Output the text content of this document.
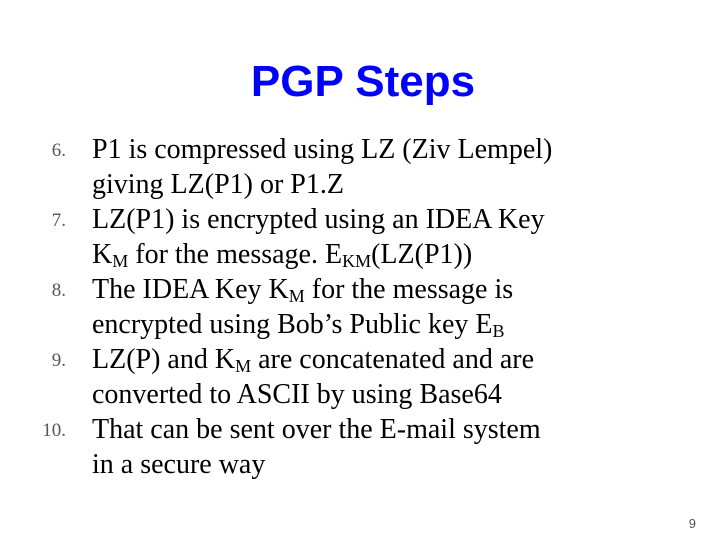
PGP Steps
6. P1 is compressed using LZ (Ziv Lempel)
giving LZ(P1) or P1.Z
7. LZ(P1) is encrypted using an IDEA Key
$K_M$ for the message. $E_{KM}(LZ(P1))$
8. The IDEA Key $K_M$ for the message is
encrypted using Bob’s Public key $E_B$
9. LZ(P) and $K_M$ are concatenated and are
converted to ASCII by using Base64
10. That can be sent over the E-mail system
in a secure way
9
